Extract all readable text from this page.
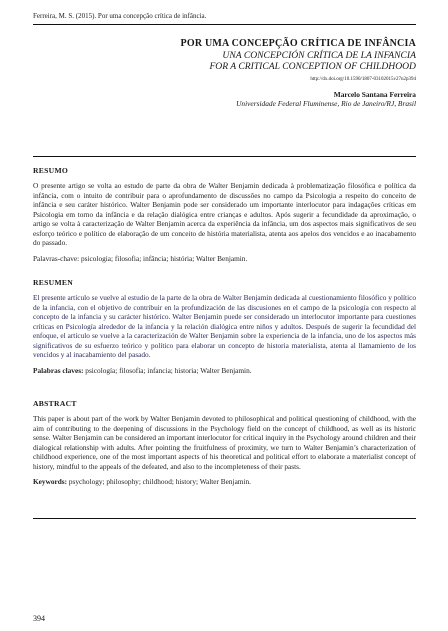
Ferreira, M. S. (2015). Por uma concepção crítica de infância.

POR UMA CONCEPÇÃO CRÍTICA DE INFÂNCIA

UNA CONCEPCIÓN CRÍTICA DE LA INFANCIA

FOR A CRITICAL CONCEPTION OF CHILDHOOD

http://dx.doi.org/10.1590/1807-03102015v27n2p394
Marcelo Santana Ferreira
Universidade Federal Fluminense, Rio de Janeiro/RJ, Brasil
RESUMO

O presente artigo se volta ao estudo de parte da obra de Walter Benjamin dedicada à problematização filosófica e política da infância, com o intuito de contribuir para o aprofundamento de discussões no campo da Psicologia a respeito do conceito de infância e seu caráter histórico. Walter Benjamin pode ser considerado um importante interlocutor para indagações críticas em Psicologia em torno da infância e da relação dialógica entre crianças e adultos. Após sugerir a fecundidade da aproximação, o artigo se volta à caracterização de Walter Benjamin acerca da experiência da infância, um dos aspectos mais significativos de seu esforço teórico e político de elaboração de um conceito de história materialista, atenta aos apelos dos vencidos e ao inacabamento do passado.

Palavras-chave: psicologia; filosofia; infância; história; Walter Benjamin.
RESUMEN

El presente artículo se vuelve al estudio de la parte de la obra de Walter Benjamin dedicada al cuestionamiento filosófico y político de la infancia, con el objetivo de contribuir en la profundización de las discusiones en el campo de la psicología con respecto al concepto de la infancia y su carácter histórico. Walter Benjamin puede ser considerado un interlocutor importante para cuestiones críticas en Psicología alrededor de la infancia y la relación dialógica entre niños y adultos. Después de sugerir la fecundidad del enfoque, el artículo se vuelve a la caracterización de Walter Benjamin sobre la experiencia de la infancia, uno de los aspectos más significativos de su esfuerzo teórico y político para elaborar un concepto de historia materialista, atenta al llamamiento de los vencidos y al inacabamiento del pasado.

Palabras claves: psicología; filosofía; infancia; historia; Walter Benjamin.
ABSTRACT

This paper is about part of the work by Walter Benjamin devoted to philosophical and political questioning of childhood, with the aim of contributing to the deepening of discussions in the Psychology field on the concept of childhood, as well as its historic sense. Walter Benjamin can be considered an important interlocutor for critical inquiry in the Psychology around children and their dialogical relationship with adults. After pointing the fruitfulness of proximity, we turn to Walter Benjamin’s characterization of childhood experience, one of the most important aspects of his theoretical and political effort to elaborate a materialist concept of history, mindful to the appeals of the defeated, and also to the incompleteness of their pasts.

Keywords: psychology; philosophy; childhood; history; Walter Benjamin.
394
